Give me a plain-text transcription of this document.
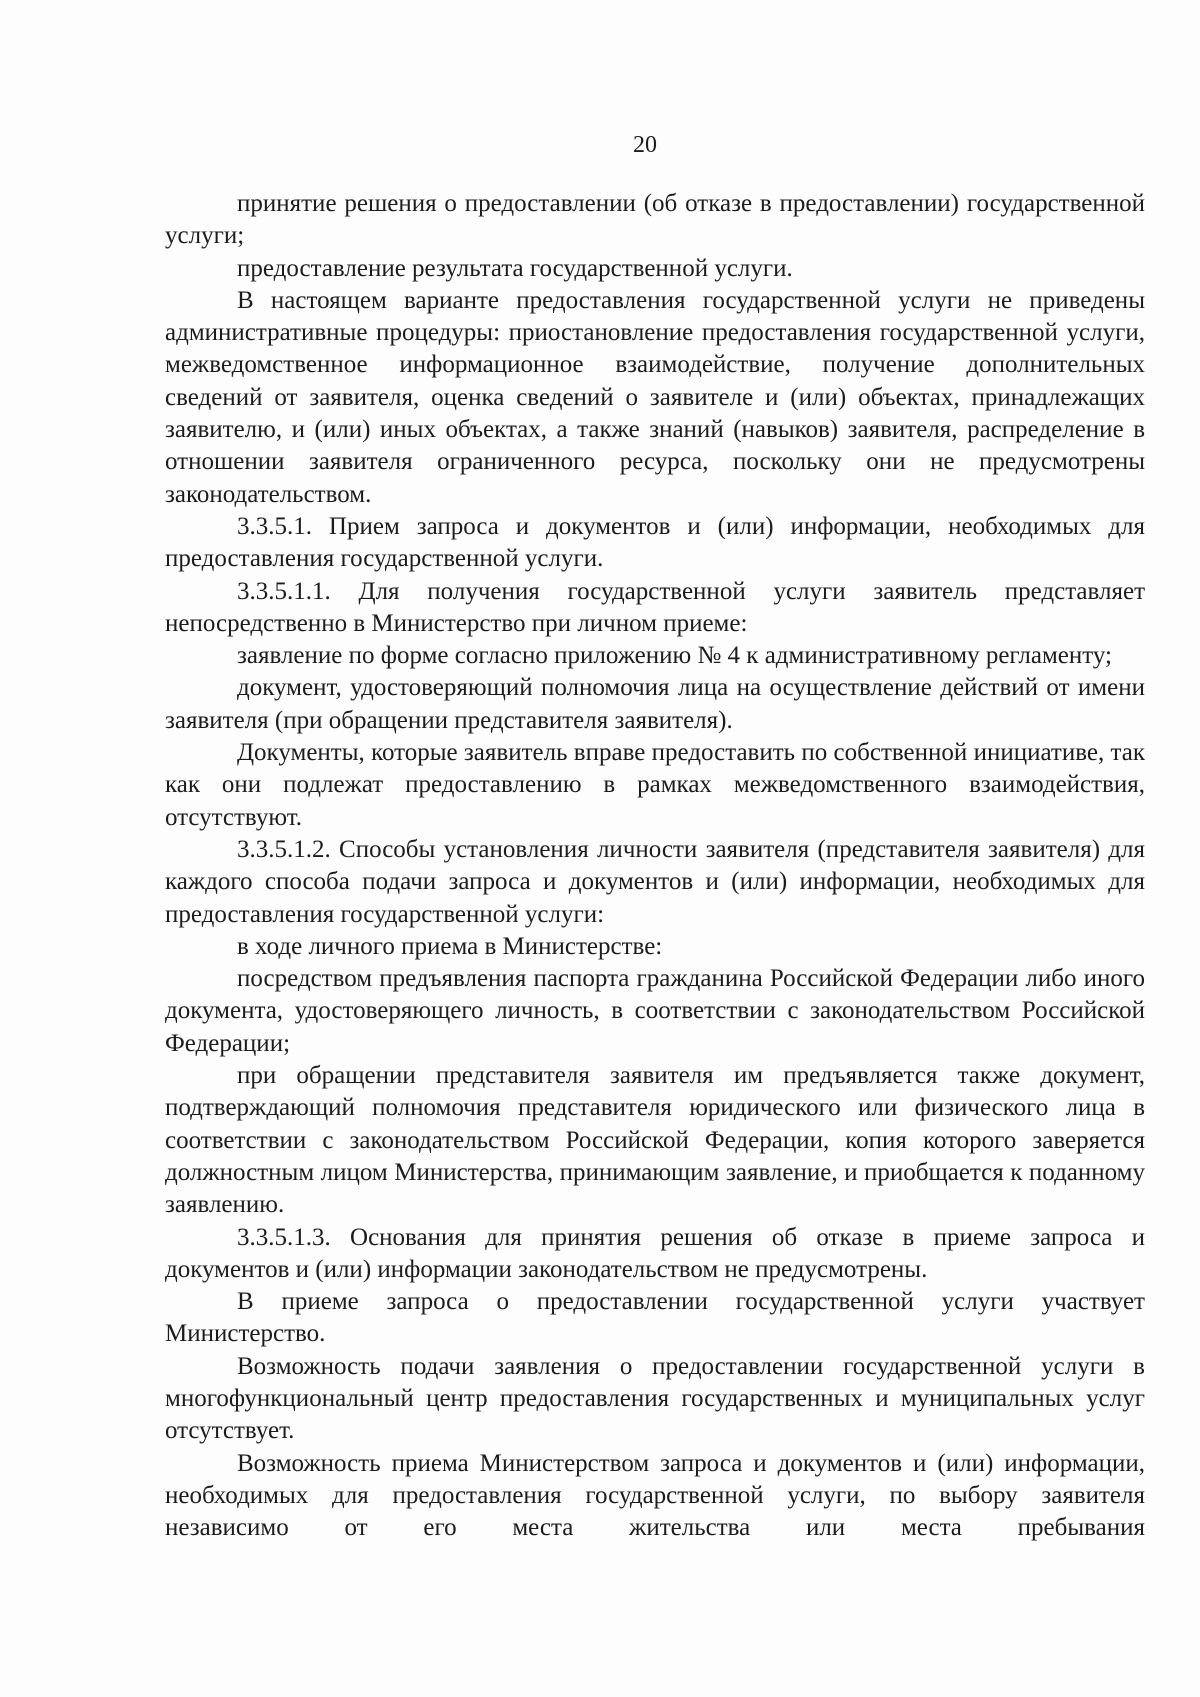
20

принятие решения о предоставлении (об отказе в предоставлении) государственной услуги;

предоставление результата государственной услуги.

В настоящем варианте предоставления государственной услуги не приведены административные процедуры: приостановление предоставления государственной услуги, межведомственное информационное взаимодействие, получение дополнительных сведений от заявителя, оценка сведений о заявителе и (или) объектах, принадлежащих заявителю, и (или) иных объектах, а также знаний (навыков) заявителя, распределение в отношении заявителя ограниченного ресурса, поскольку они не предусмотрены законодательством.

3.3.5.1. Прием запроса и документов и (или) информации, необходимых для предоставления государственной услуги.

3.3.5.1.1. Для получения государственной услуги заявитель представляет непосредственно в Министерство при личном приеме:

заявление по форме согласно приложению № 4 к административному регламенту;

документ, удостоверяющий полномочия лица на осуществление действий от имени заявителя (при обращении представителя заявителя).

Документы, которые заявитель вправе предоставить по собственной инициативе, так как они подлежат предоставлению в рамках межведомственного взаимодействия, отсутствуют.

3.3.5.1.2. Способы установления личности заявителя (представителя заявителя) для каждого способа подачи запроса и документов и (или) информации, необходимых для предоставления государственной услуги:

в ходе личного приема в Министерстве:

посредством предъявления паспорта гражданина Российской Федерации либо иного документа, удостоверяющего личность, в соответствии с законодательством Российской Федерации;

при обращении представителя заявителя им предъявляется также документ, подтверждающий полномочия представителя юридического или физического лица в соответствии с законодательством Российской Федерации, копия которого заверяется должностным лицом Министерства, принимающим заявление, и приобщается к поданному заявлению.

3.3.5.1.3. Основания для принятия решения об отказе в приеме запроса и документов и (или) информации законодательством не предусмотрены.

В приеме запроса о предоставлении государственной услуги участвует Министерство.

Возможность подачи заявления о предоставлении государственной услуги в многофункциональный центр предоставления государственных и муниципальных услуг отсутствует.

Возможность приема Министерством запроса и документов и (или) информации, необходимых для предоставления государственной услуги, по выбору заявителя независимо от его места жительства или места пребывания
